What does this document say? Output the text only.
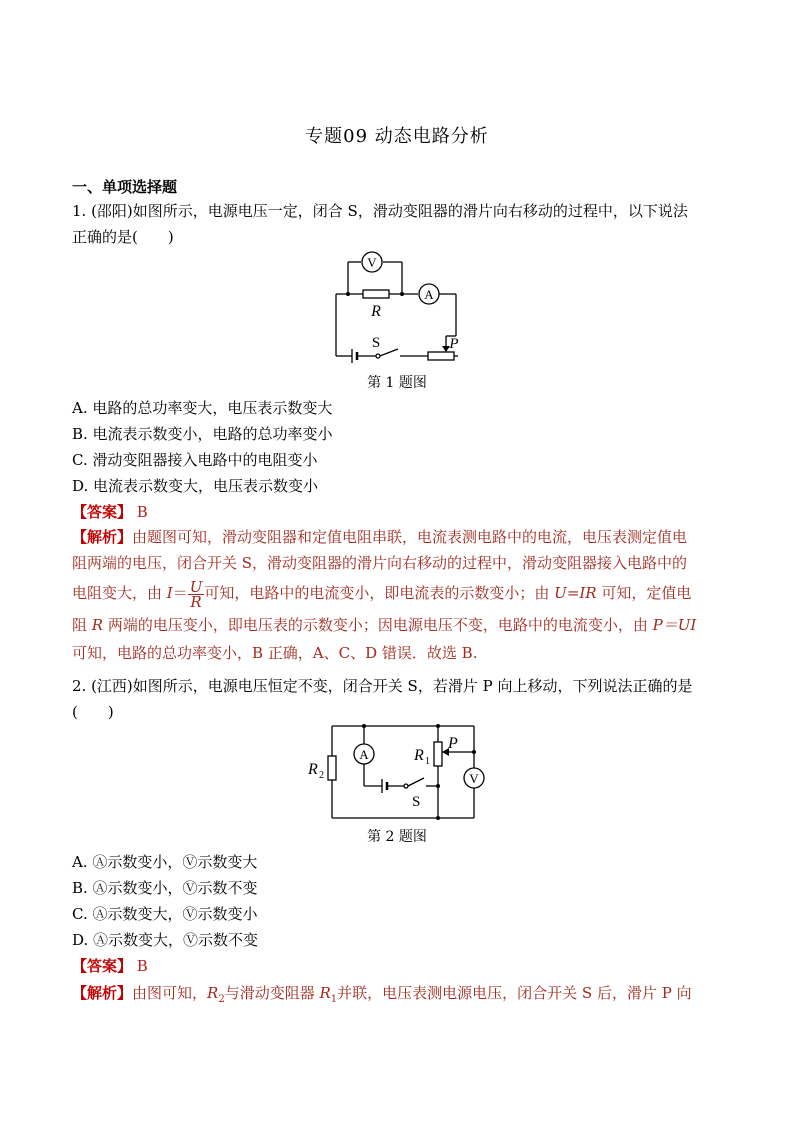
专题09 动态电路分析
一、单项选择题
1. (邵阳)如图所示，电源电压一定，闭合 S，滑动变阻器的滑片向右移动的过程中，以下说法
正确的是(　　)
V
A
R
S	P
第 1 题图
A. 电路的总功率变大，电压表示数变大
B. 电流表示数变小，电路的总功率变小
C. 滑动变阻器接入电路中的电阻变小
D. 电流表示数变大，电压表示数变小
【答案】 B
【解析】由题图可知，滑动变阻器和定值电阻串联，电流表测电路中的电流，电压表测定值电
阻两端的电压，闭合开关 S，滑动变阻器的滑片向右移动的过程中，滑动变阻器接入电路中的
电阻变大，由 $I= \frac{U}{R}$ 可知，电路中的电流变小，即电流表的示数变小；由 U=IR 可知，定值电
阻 R 两端的电压变小，即电压表的示数变小；因电源电压不变，电路中的电流变小，由 P＝UI
可知，电路的总功率变小，B 正确，A、C、D 错误．故选 B.
2. (江西)如图所示，电源电压恒定不变，闭合开关 S，若滑片 P 向上移动，下列说法正确的是
(　　)
A
V
R 2
R 1
P
S
第 2 题图
A. Ⓐ示数变小，Ⓥ示数变大
B. Ⓐ示数变小，Ⓥ示数不变
C. Ⓐ示数变大，Ⓥ示数变小
D. Ⓐ示数变大，Ⓥ示数不变
【答案】 B
【解析】由图可知，$R_2$与滑动变阻器 $R_1$并联，电压表测电源电压，闭合开关 S 后，滑片 P 向
